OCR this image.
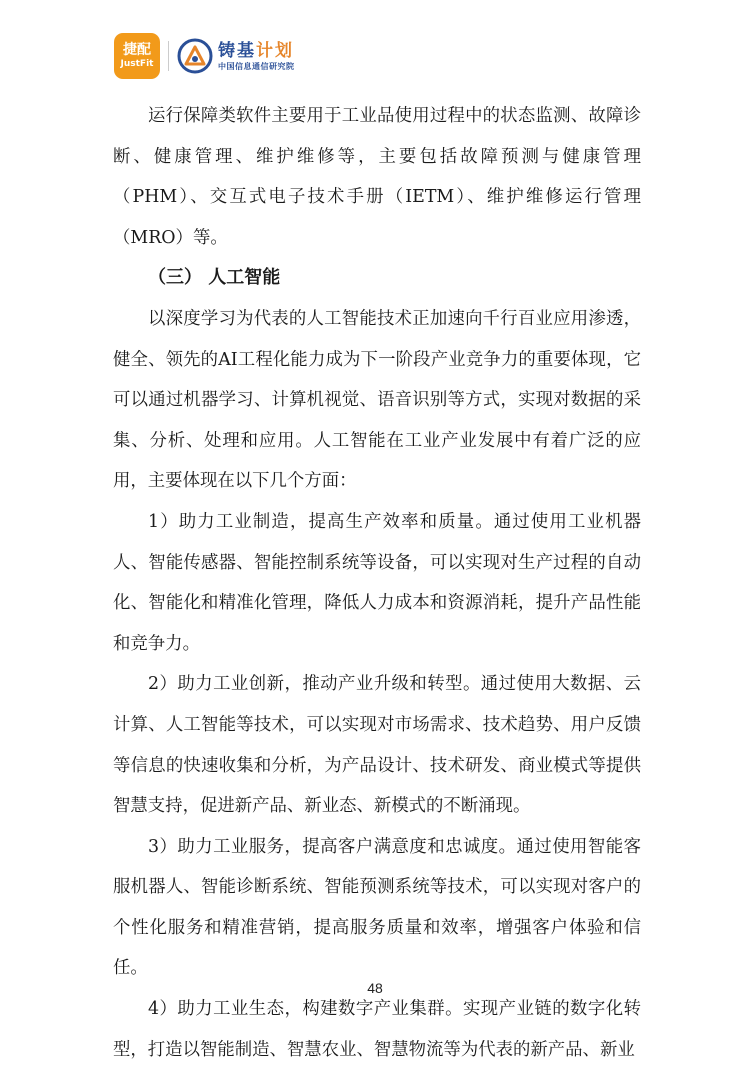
捷配
JustFit
铸基计划
中国信息通信研究院

运行保障类软件主要用于工业品使用过程中的状态监测、故障诊断、健康管理、维护维修等，主要包括故障预测与健康管理（PHM）、交互式电子技术手册（IETM）、维护维修运行管理（MRO）等。

（三） 人工智能

以深度学习为代表的人工智能技术正加速向千行百业应用渗透，健全、领先的AI工程化能力成为下一阶段产业竞争力的重要体现，它可以通过机器学习、计算机视觉、语音识别等方式，实现对数据的采集、分析、处理和应用。人工智能在工业产业发展中有着广泛的应用，主要体现在以下几个方面：

1）助力工业制造，提高生产效率和质量。通过使用工业机器人、智能传感器、智能控制系统等设备，可以实现对生产过程的自动化、智能化和精准化管理，降低人力成本和资源消耗，提升产品性能和竞争力。

2）助力工业创新，推动产业升级和转型。通过使用大数据、云计算、人工智能等技术，可以实现对市场需求、技术趋势、用户反馈等信息的快速收集和分析，为产品设计、技术研发、商业模式等提供智慧支持，促进新产品、新业态、新模式的不断涌现。

3）助力工业服务，提高客户满意度和忠诚度。通过使用智能客服机器人、智能诊断系统、智能预测系统等技术，可以实现对客户的个性化服务和精准营销，提高服务质量和效率，增强客户体验和信任。

4）助力工业生态，构建数字产业集群。实现产业链的数字化转型，打造以智能制造、智慧农业、智慧物流等为代表的新产品、新业

48
